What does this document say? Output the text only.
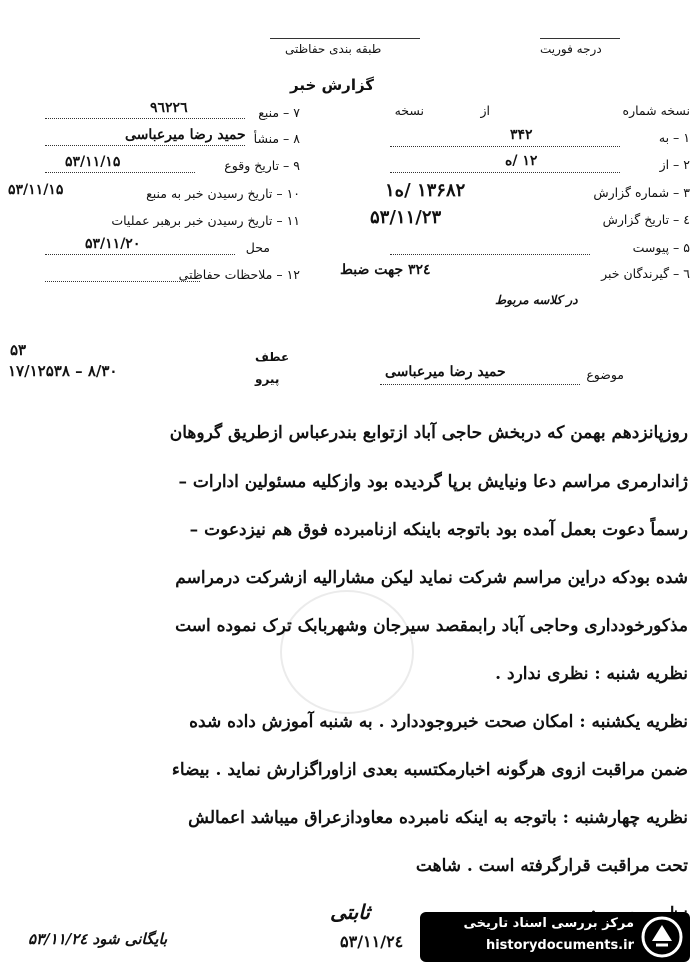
درجه فوریت
طبقه بندی حفاظتی
گزارش خبر
نسخه شماره
از
نسخه
۱ – به
۳۴۲
۲ – از
۱۲ /ه
۳ – شماره گزارش
۱۳۶۸۲ /ه۱
٤ – تاریخ گزارش
۵۳/۱۱/۲۳
۵ – پیوست
٦ – گیرندگان خبر
۳۲٤ جهت ضبط
در کلاسه مربوط
۷ – منبع
۹٦۲۲٦
۸ – منشأ
حمید رضا میرعباسی
۹ – تاریخ وقوع
۵۳/۱۱/۱۵
۱۰ – تاریخ رسیدن خبر به منبع
۵۳/۱۱/۱۵
۱۱ – تاریخ رسیدن خبر برهبر عملیات
محل
۵۳/۱۱/۲۰
۱۲ – ملاحظات حفاظتی
۵۳
۸/۳۰ – ۱۷/۱۲۵۳۸
عطف
پیرو	موضوع
حمید رضا میرعباسی
روزپانزدهم بهمن که دربخش حاجی آباد ازتوابع بندرعباس ازطریق گروهان
ژاندارمری مراسم دعا ونیایش برپا گردیده بود وازکلیه مسئولین ادارات –
رسماً دعوت بعمل آمده بود باتوجه باینکه ازنامبرده فوق هم نیزدعوت –
شده بودکه دراین مراسم شرکت نماید لیکن مشارالیه ازشرکت درمراسم
مذکورخودداری وحاجی آباد رابمقصد سیرجان وشهربابک ترک نموده است
نظریه شنبه : نظری ندارد .
نظریه یکشنبه : امکان صحت خبروجوددارد . به شنبه آموزش داده شده
ضمن مراقبت ازوی هرگونه اخبارمکتسبه بعدی ازاوراگزارش نماید . بیضاء
نظریه چهارشنبه : باتوجه به اینکه نامبرده معاودازعراق میباشد اعمالش
تحت مراقبت قرارگرفته است . شاهت
ثابتی
۵۳/۱۱/۲٤
بایگانی شود ۵۳/۱۱/۲٤
مرکز بررسی اسناد تاریخی
historydocuments.ir
